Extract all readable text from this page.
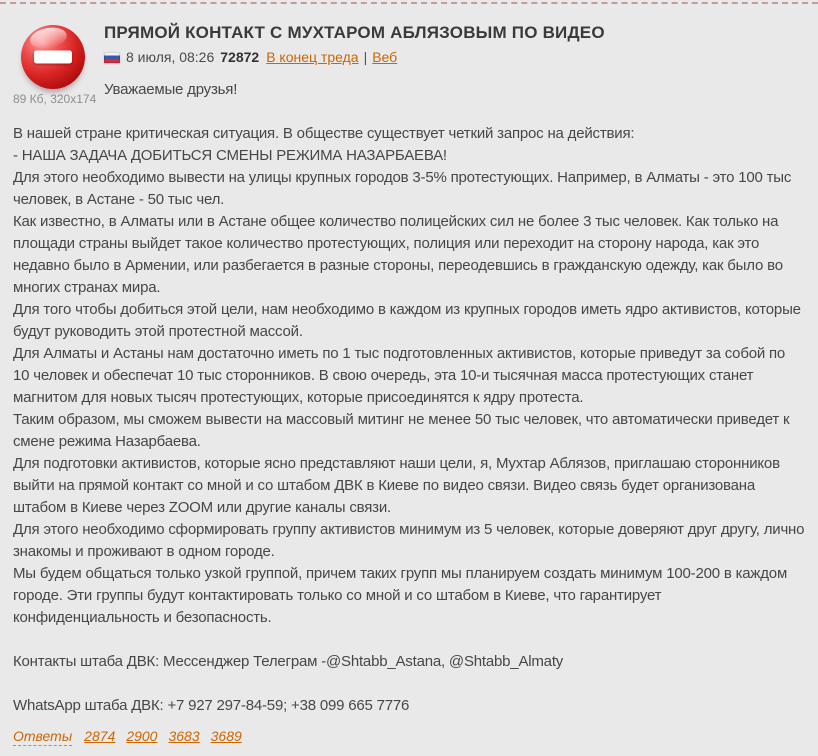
89 Кб, 320x174
ПРЯМОЙ КОНТАКТ С МУХТАРОМ АБЛЯЗОВЫМ ПО ВИДЕО
8 июля, 08:26 72872 В конец треда | Веб
Уважаемые друзья!
В нашей стране критическая ситуация. В обществе существует четкий запрос на действия:
- НАША ЗАДАЧА ДОБИТЬСЯ СМЕНЫ РЕЖИМА НАЗАРБАЕВА!
Для этого необходимо вывести на улицы крупных городов 3-5% протестующих. Например, в Алматы - это 100 тыс человек, в Астане - 50 тыс чел.
Как известно, в Алматы или в Астане общее количество полицейских сил не более 3 тыс человек. Как только на площади страны выйдет такое количество протестующих, полиция или переходит на сторону народа, как это недавно было в Армении, или разбегается в разные стороны, переодевшись в гражданскую одежду, как было во многих странах мира.
Для того чтобы добиться этой цели, нам необходимо в каждом из крупных городов иметь ядро активистов, которые будут руководить этой протестной массой.
Для Алматы и Астаны нам достаточно иметь по 1 тыс подготовленных активистов, которые приведут за собой по 10 человек и обеспечат 10 тыс сторонников. В свою очередь, эта 10-и тысячная масса протестующих станет магнитом для новых тысяч протестующих, которые присоединятся к ядру протеста.
Таким образом, мы сможем вывести на массовый митинг не менее 50 тыс человек, что автоматически приведет к смене режима Назарбаева.
Для подготовки активистов, которые ясно представляют наши цели, я, Мухтар Аблязов, приглашаю сторонников выйти на прямой контакт со мной и со штабом ДВК в Киеве по видео связи. Видео связь будет организована штабом в Киеве через ZOOM или другие каналы связи.
Для этого необходимо сформировать группу активистов минимум из 5 человек, которые доверяют друг другу, лично знакомы и проживают в одном городе.
Мы будем общаться только узкой группой, причем таких групп мы планируем создать минимум 100-200 в каждом городе. Эти группы будут контактировать только со мной и со штабом в Киеве, что гарантирует конфиденциальность и безопасность.
Контакты штаба ДВК: Мессенджер Телеграм -@Shtabb_Astana, @Shtabb_Almaty
WhatsApp штаба ДВК: +7 927 297-84-59; +38 099 665 7776
Ответы 2874 2900 3683 3689
